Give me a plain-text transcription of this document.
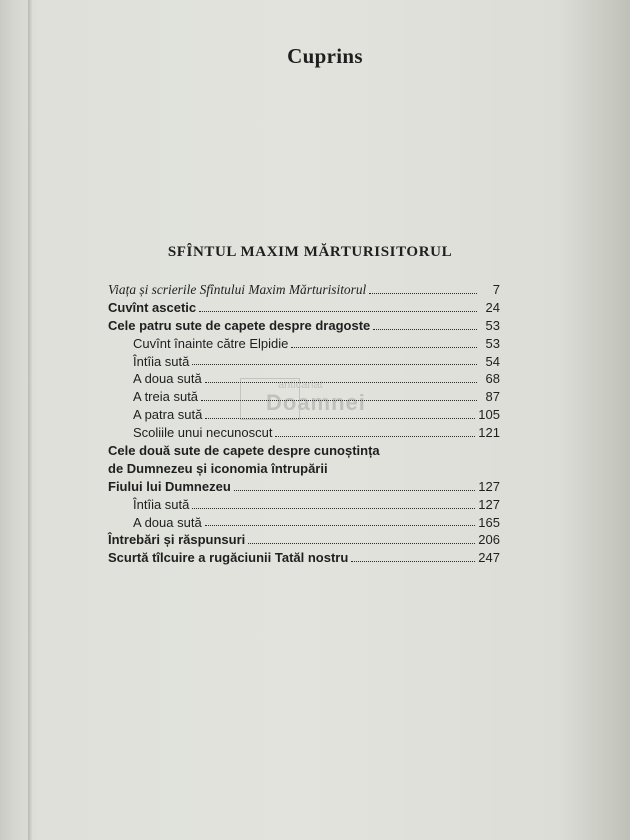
Cuprins
SFÎNTUL MAXIM MĂRTURISITORUL
Viața și scrierile Sfîntului Maxim Mărturisitorul	7
Cuvînt ascetic	24
Cele patru sute de capete despre dragoste	53
Cuvînt înainte către Elpidie	53
Întîia sută	54
A doua sută	68
A treia sută	87
A patra sută	105
Scoliile unui necunoscut	121
Cele două sute de capete despre cunoștința
de Dumnezeu și iconomia întrupării
Fiului lui Dumnezeu	127
Întîia sută	127
A doua sută	165
Întrebări și răspunsuri	206
Scurtă tîlcuire a rugăciunii Tatăl nostru	247
anticariat
Doamnei
